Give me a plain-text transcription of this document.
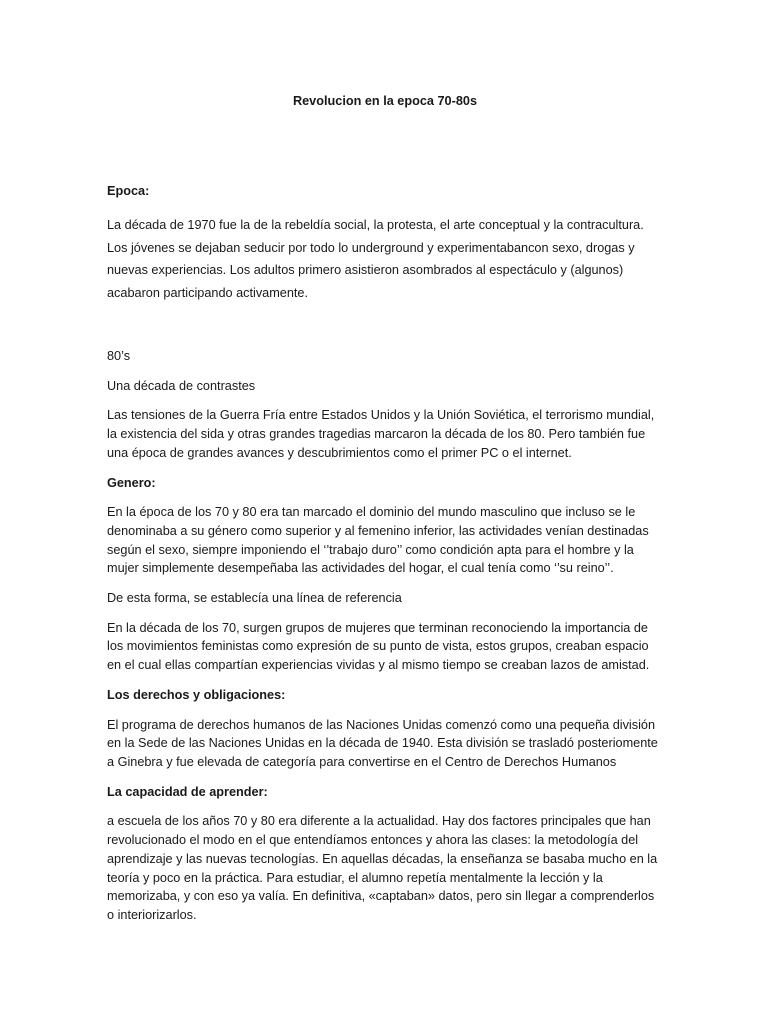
Revolucion en la epoca 70-80s

Epoca:

La década de 1970 fue la de la rebeldía social, la protesta, el arte conceptual y la contracultura. Los jóvenes se dejaban seducir por todo lo underground y experimentabancon sexo, drogas y nuevas experiencias. Los adultos primero asistieron asombrados al espectáculo y (algunos) acabaron participando activamente.

80’s

Una década de contrastes

Las tensiones de la Guerra Fría entre Estados Unidos y la Unión Soviética, el terrorismo mundial, la existencia del sida y otras grandes tragedias marcaron la década de los 80. Pero también fue una época de grandes avances y descubrimientos como el primer PC o el internet.

Genero:

En la época de los 70 y 80 era tan marcado el dominio del mundo masculino que incluso se le denominaba a su género como superior y al femenino inferior, las actividades venían destinadas según el sexo, siempre imponiendo el ‘’trabajo duro’’ como condición apta para el hombre y la mujer simplemente desempeñaba las actividades del hogar, el cual tenía como ‘’su reino’’.

De esta forma, se establecía una línea de referencia

En la década de los 70, surgen grupos de mujeres que terminan reconociendo la importancia de los movimientos feministas como expresión de su punto de vista, estos grupos, creaban espacio en el cual ellas compartían experiencias vividas y al mismo tiempo se creaban lazos de amistad.

Los derechos y obligaciones:

El programa de derechos humanos de las Naciones Unidas comenzó como una pequeña división en la Sede de las Naciones Unidas en la década de 1940. Esta división se trasladó posteriomente a Ginebra y fue elevada de categoría para convertirse en el Centro de Derechos Humanos

La capacidad de aprender:

a escuela de los años 70 y 80 era diferente a la actualidad. Hay dos factores principales que han revolucionado el modo en el que entendíamos entonces y ahora las clases: la metodología del aprendizaje y las nuevas tecnologías. En aquellas décadas, la enseñanza se basaba mucho en la teoría y poco en la práctica. Para estudiar, el alumno repetía mentalmente la lección y la memorizaba, y con eso ya valía. En definitiva, «captaban» datos, pero sin llegar a comprenderlos o interiorizarlos.
